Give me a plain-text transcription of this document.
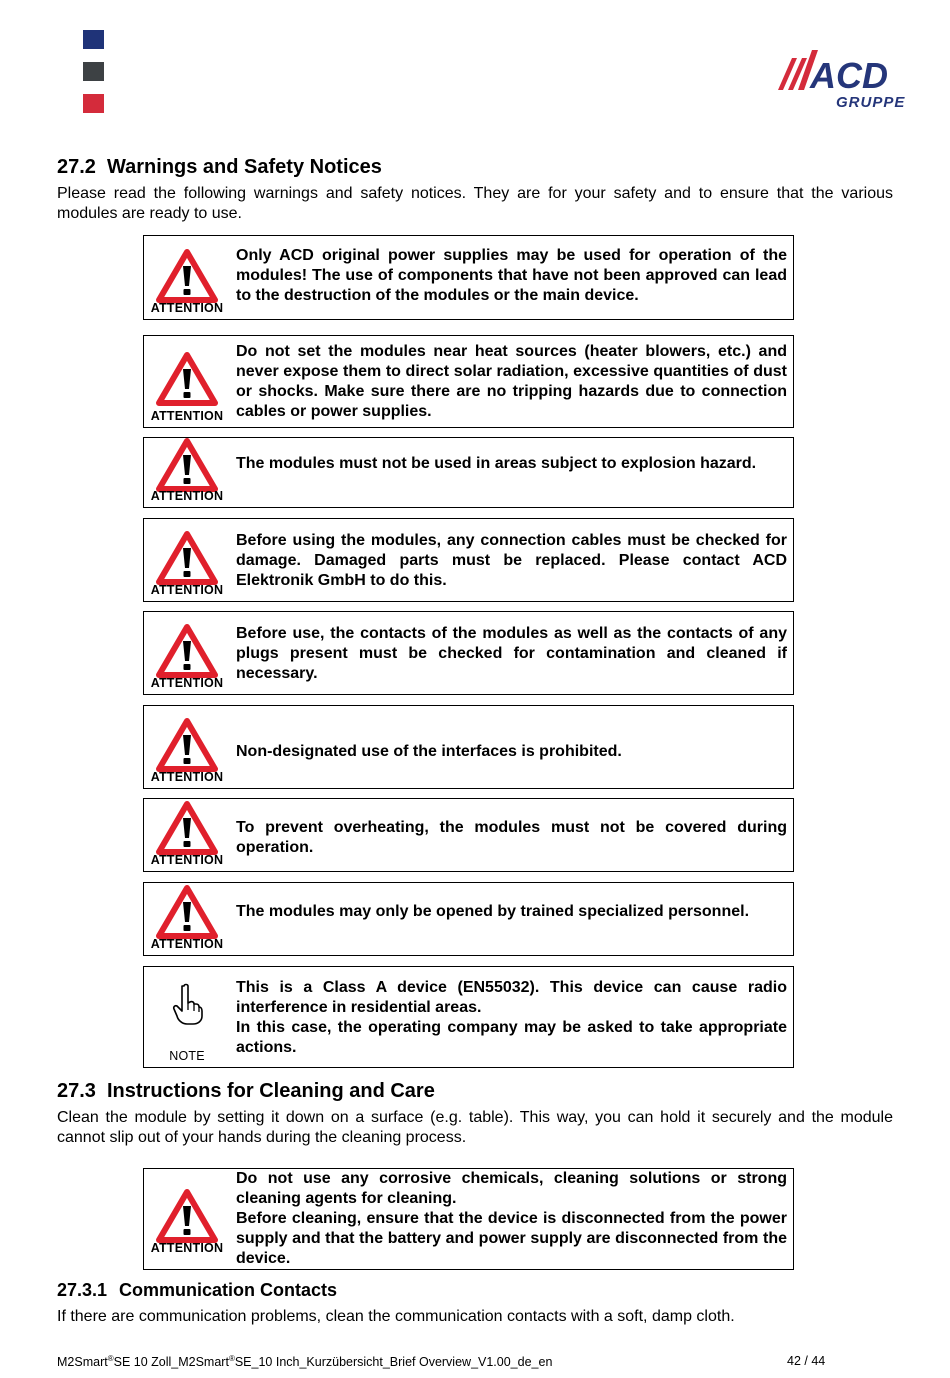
ACD
GRUPPE
27.2 Warnings and Safety Notices

Please read the following warnings and safety notices. They are for your safety and to ensure that the various modules are ready to use.

ATTENTION
Only ACD original power supplies may be used for operation of the modules! The use of components that have not been approved can lead to the destruction of the modules or the main device.
ATTENTION
Do not set the modules near heat sources (heater blowers, etc.) and never expose them to direct solar radiation, excessive quantities of dust or shocks. Make sure there are no tripping hazards due to connection cables or power supplies.
ATTENTION
The modules must not be used in areas subject to explosion hazard.
ATTENTION
Before using the modules, any connection cables must be checked for damage. Damaged parts must be replaced. Please contact ACD Elektronik GmbH to do this.
ATTENTION
Before use, the contacts of the modules as well as the contacts of any plugs present must be checked for contamination and cleaned if necessary.
ATTENTION
Non-designated use of the interfaces is prohibited.
ATTENTION
To prevent overheating, the modules must not be covered during operation.
ATTENTION
The modules may only be opened by trained specialized personnel.
NOTE
This is a Class A device (EN55032). This device can cause radio interference in residential areas.
In this case, the operating company may be asked to take appropriate actions.
27.3 Instructions for Cleaning and Care

Clean the module by setting it down on a surface (e.g. table). This way, you can hold it securely and the module cannot slip out of your hands during the cleaning process.

ATTENTION
Do not use any corrosive chemicals, cleaning solutions or strong cleaning agents for cleaning.
Before cleaning, ensure that the device is disconnected from the power supply and that the battery and power supply are disconnected from the device.
27.3.1 Communication Contacts

If there are communication problems, clean the communication contacts with a soft, damp cloth.

M2Smart®SE 10 Zoll_M2Smart®SE_10 Inch_Kurzübersicht_Brief Overview_V1.00_de_en	42 / 44
